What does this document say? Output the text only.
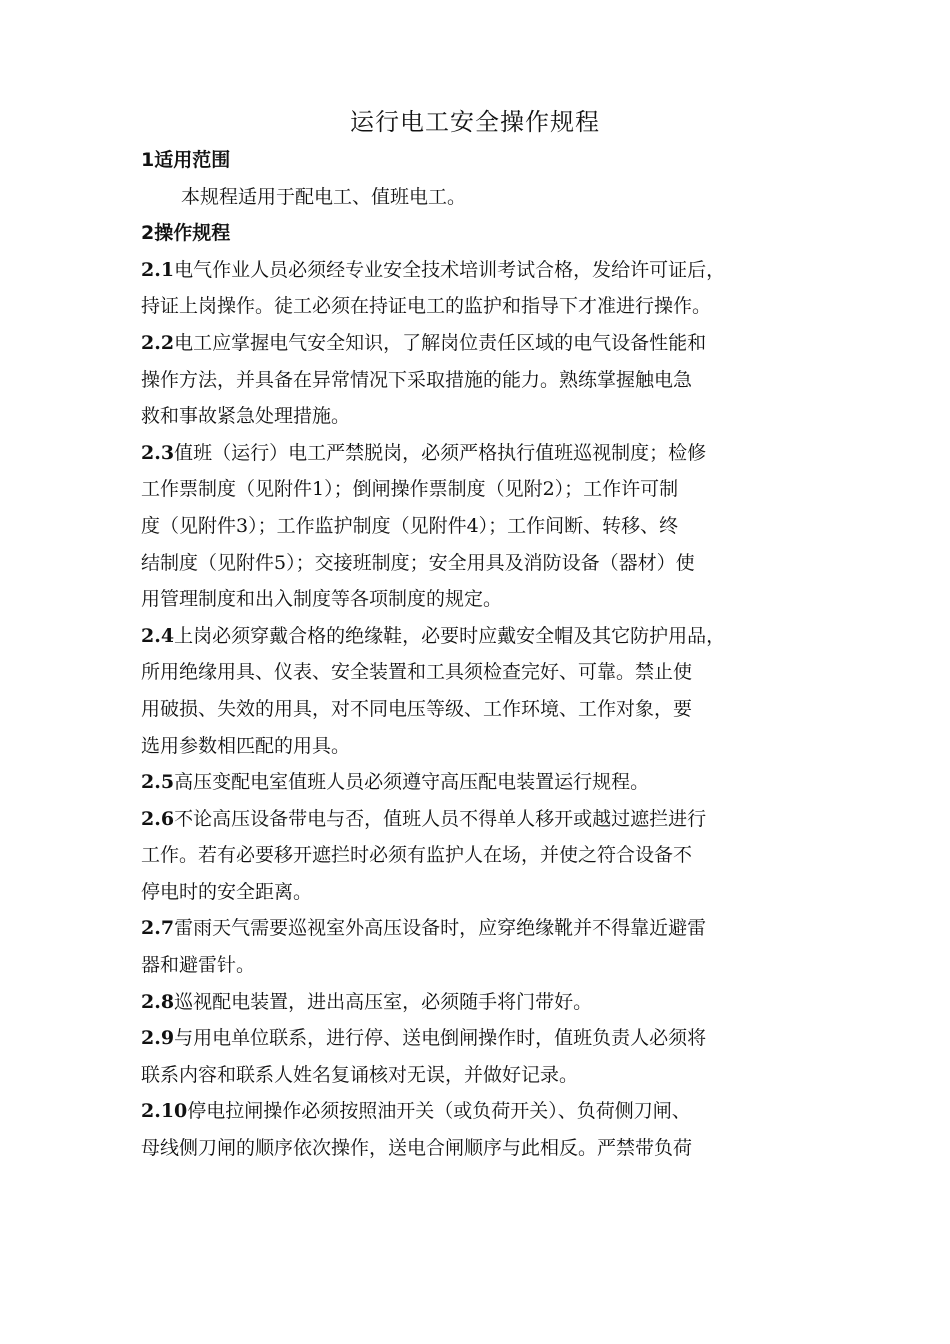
运行电工安全操作规程
1适用范围
本规程适用于配电工、值班电工。
2操作规程
2.1电气作业人员必须经专业安全技术培训考试合格，发给许可证后，
持证上岗操作。徒工必须在持证电工的监护和指导下才准进行操作。
2.2电工应掌握电气安全知识，了解岗位责任区域的电气设备性能和
操作方法，并具备在异常情况下采取措施的能力。熟练掌握触电急
救和事故紧急处理措施。
2.3值班（运行）电工严禁脱岗，必须严格执行值班巡视制度；检修
工作票制度（见附件1）；倒闸操作票制度（见附2）；工作许可制
度（见附件3）；工作监护制度（见附件4）；工作间断、转移、终
结制度（见附件5）；交接班制度；安全用具及消防设备（器材）使
用管理制度和出入制度等各项制度的规定。
2.4上岗必须穿戴合格的绝缘鞋，必要时应戴安全帽及其它防护用品，
所用绝缘用具、仪表、安全装置和工具须检查完好、可靠。禁止使
用破损、失效的用具，对不同电压等级、工作环境、工作对象，要
选用参数相匹配的用具。
2.5高压变配电室值班人员必须遵守高压配电装置运行规程。
2.6不论高压设备带电与否，值班人员不得单人移开或越过遮拦进行
工作。若有必要移开遮拦时必须有监护人在场，并使之符合设备不
停电时的安全距离。
2.7雷雨天气需要巡视室外高压设备时，应穿绝缘靴并不得靠近避雷
器和避雷针。
2.8巡视配电装置，进出高压室，必须随手将门带好。
2.9与用电单位联系，进行停、送电倒闸操作时，值班负责人必须将
联系内容和联系人姓名复诵核对无误，并做好记录。
2.10停电拉闸操作必须按照油开关（或负荷开关）、负荷侧刀闸、
母线侧刀闸的顺序依次操作，送电合闸顺序与此相反。严禁带负荷
